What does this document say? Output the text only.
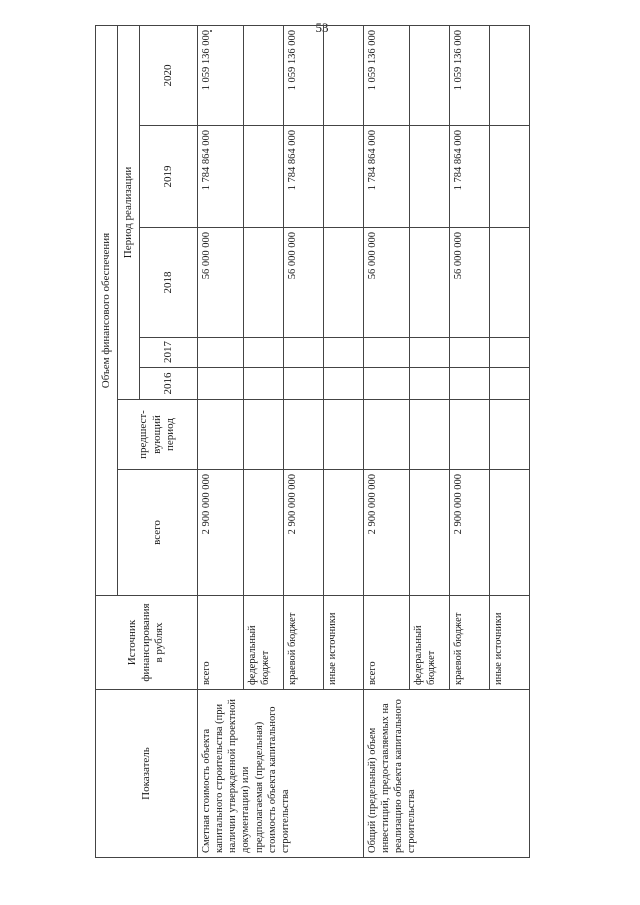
53
Показатель	Источник финансирования в рублях	Объем финансового обеспечения						
		всего	предшест-вующий период	Период реализации				
				2016	2017	2018	2019	2020
Сметная стоимость объекта капитального строительства (при наличии утвержденной проектной документации) или предполагаемая (предельная) стоимость объекта капитального строительства	всего	2 900 000 000				56 000 000	1 784 864 000	1 059 136 000
	федеральный бюджет							
	краевой бюджет	2 900 000 000				56 000 000	1 784 864 000	1 059 136 000
	иные источники							
Общий (предельный) объем инвестиций, предоставляемых на реализацию объекта капитального строительства	всего	2 900 000 000				56 000 000	1 784 864 000	1 059 136 000
	федеральный бюджет							
	краевой бюджет	2 900 000 000				56 000 000	1 784 864 000	1 059 136 000
	иные источники							
